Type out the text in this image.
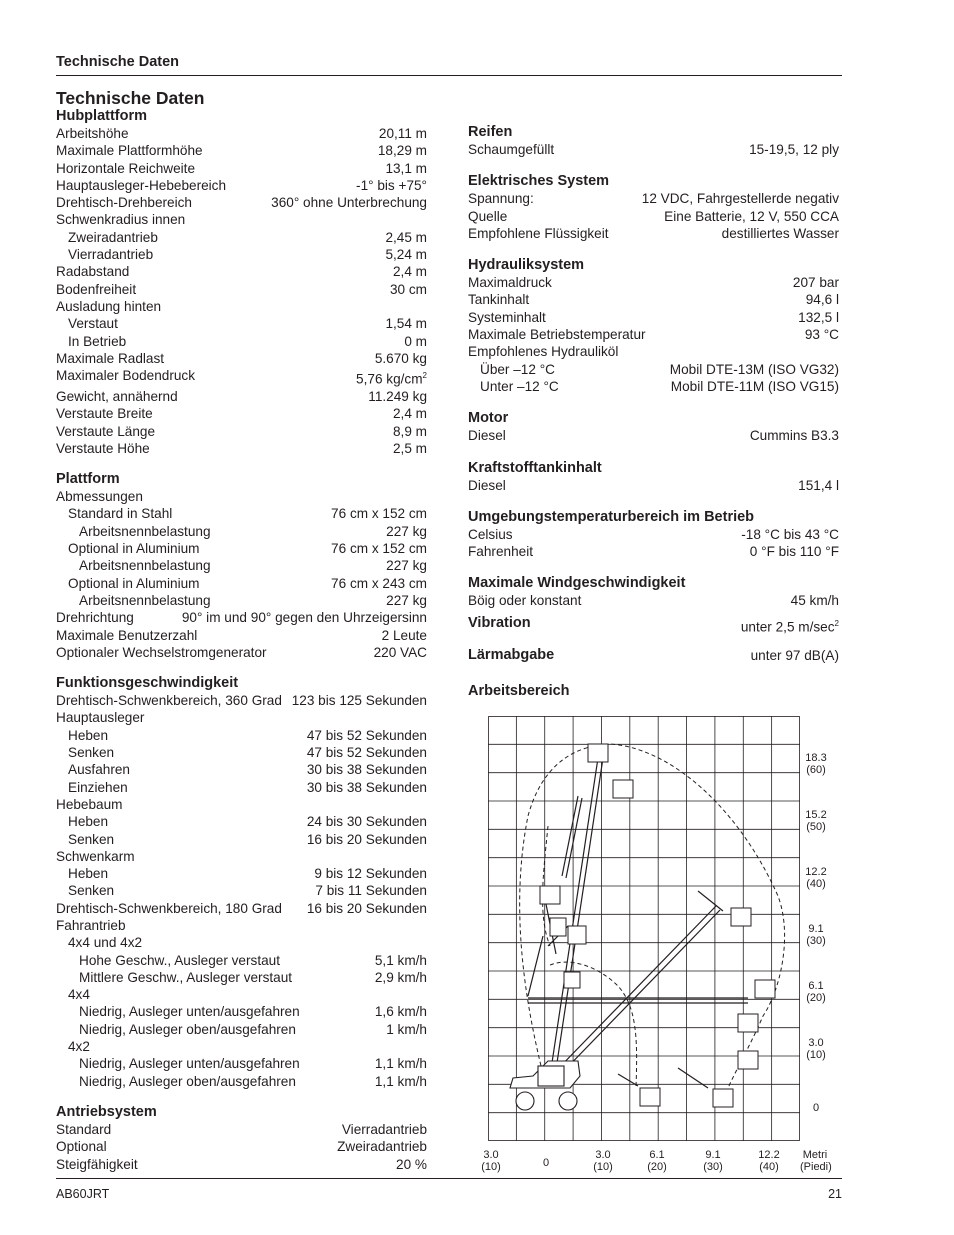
Technische Daten
Technische Daten
Hubplattform
Arbeitshöhe	20,11 m
Maximale Plattformhöhe	18,29 m
Horizontale Reichweite	13,1 m
Hauptausleger-Hebebereich	-1° bis +75°
Drehtisch-Drehbereich	360° ohne Unterbrechung
Schwenkradius innen
Zweiradantrieb	2,45 m
Vierradantrieb	5,24 m
Radabstand	2,4 m
Bodenfreiheit	30 cm
Ausladung hinten
Verstaut	1,54 m
In Betrieb	0 m
Maximale Radlast	5.670 kg
Maximaler Bodendruck	5,76 $kg/cm^2$
Gewicht, annähernd	11.249 kg
Verstaute Breite	2,4 m
Verstaute Länge	8,9 m
Verstaute Höhe	2,5 m
Plattform
Abmessungen
Standard in Stahl	76 cm x 152 cm
Arbeitsnennbelastung	227 kg
Optional in Aluminium	76 cm x 152 cm
Arbeitsnennbelastung	227 kg
Optional in Aluminium	76 cm x 243 cm
Arbeitsnennbelastung	227 kg
Drehrichtung	90° im und 90° gegen den Uhrzeigersinn
Maximale Benutzerzahl	2 Leute
Optionaler Wechselstromgenerator	220 VAC
Funktionsgeschwindigkeit
Drehtisch-Schwenkbereich, 360 Grad 123 bis 125 Sekunden
Hauptausleger
Heben	47 bis 52 Sekunden
Senken	47 bis 52 Sekunden
Ausfahren	30 bis 38 Sekunden
Einziehen	30 bis 38 Sekunden
Hebebaum
Heben	24 bis 30 Sekunden
Senken	16 bis 20 Sekunden
Schwenkarm
Heben	9 bis 12 Sekunden
Senken	7 bis 11 Sekunden
Drehtisch-Schwenkbereich, 180 Grad 16 bis 20 Sekunden
Fahrantrieb
4x4 und 4x2
Hohe Geschw., Ausleger verstaut	5,1 km/h
Mittlere Geschw., Ausleger verstaut	2,9 km/h
4x4
Niedrig, Ausleger unten/ausgefahren	1,6 km/h
Niedrig, Ausleger oben/ausgefahren	1 km/h
4x2
Niedrig, Ausleger unten/ausgefahren	1,1 km/h
Niedrig, Ausleger oben/ausgefahren	1,1 km/h
Antriebsystem
Standard	Vierradantrieb
Optional	Zweiradantrieb
Steigfähigkeit	20 %
Reifen
Schaumgefüllt	15-19,5, 12 ply
Elektrisches System
Spannung:	12 VDC, Fahrgestellerde negativ
Quelle	Eine Batterie, 12 V, 550 CCA
Empfohlene Flüssigkeit	destilliertes Wasser
Hydrauliksystem
Maximaldruck	207 bar
Tankinhalt	94,6 l
Systeminhalt	132,5 l
Maximale Betriebstemperatur	93 °C
Empfohlenes Hydrauliköl
Über –12 °C	Mobil DTE-13M (ISO VG32)
Unter –12 °C	Mobil DTE-11M (ISO VG15)
Motor
Diesel	Cummins B3.3
Kraftstofftankinhalt
Diesel	151,4 l
Umgebungstemperaturbereich im Betrieb
Celsius	-18 °C bis 43 °C
Fahrenheit	0 °F bis 110 °F
Maximale Windgeschwindigkeit
Böig oder konstant	45 km/h
Vibration	unter 2,5 $m/\sec^2$
Lärmabgabe	unter 97 dB(A)
Arbeitsbereich
18.3
(60)
15.2
(50)
12.2
(40)
9.1
(30)
6.1
(20)
3.0
(10)
0
3.0
(10)	0
3.0
(10)
6.1
(20)
9.1
(30)
12.2
(40)
Metri
(Piedi)
AB60JRT	21
